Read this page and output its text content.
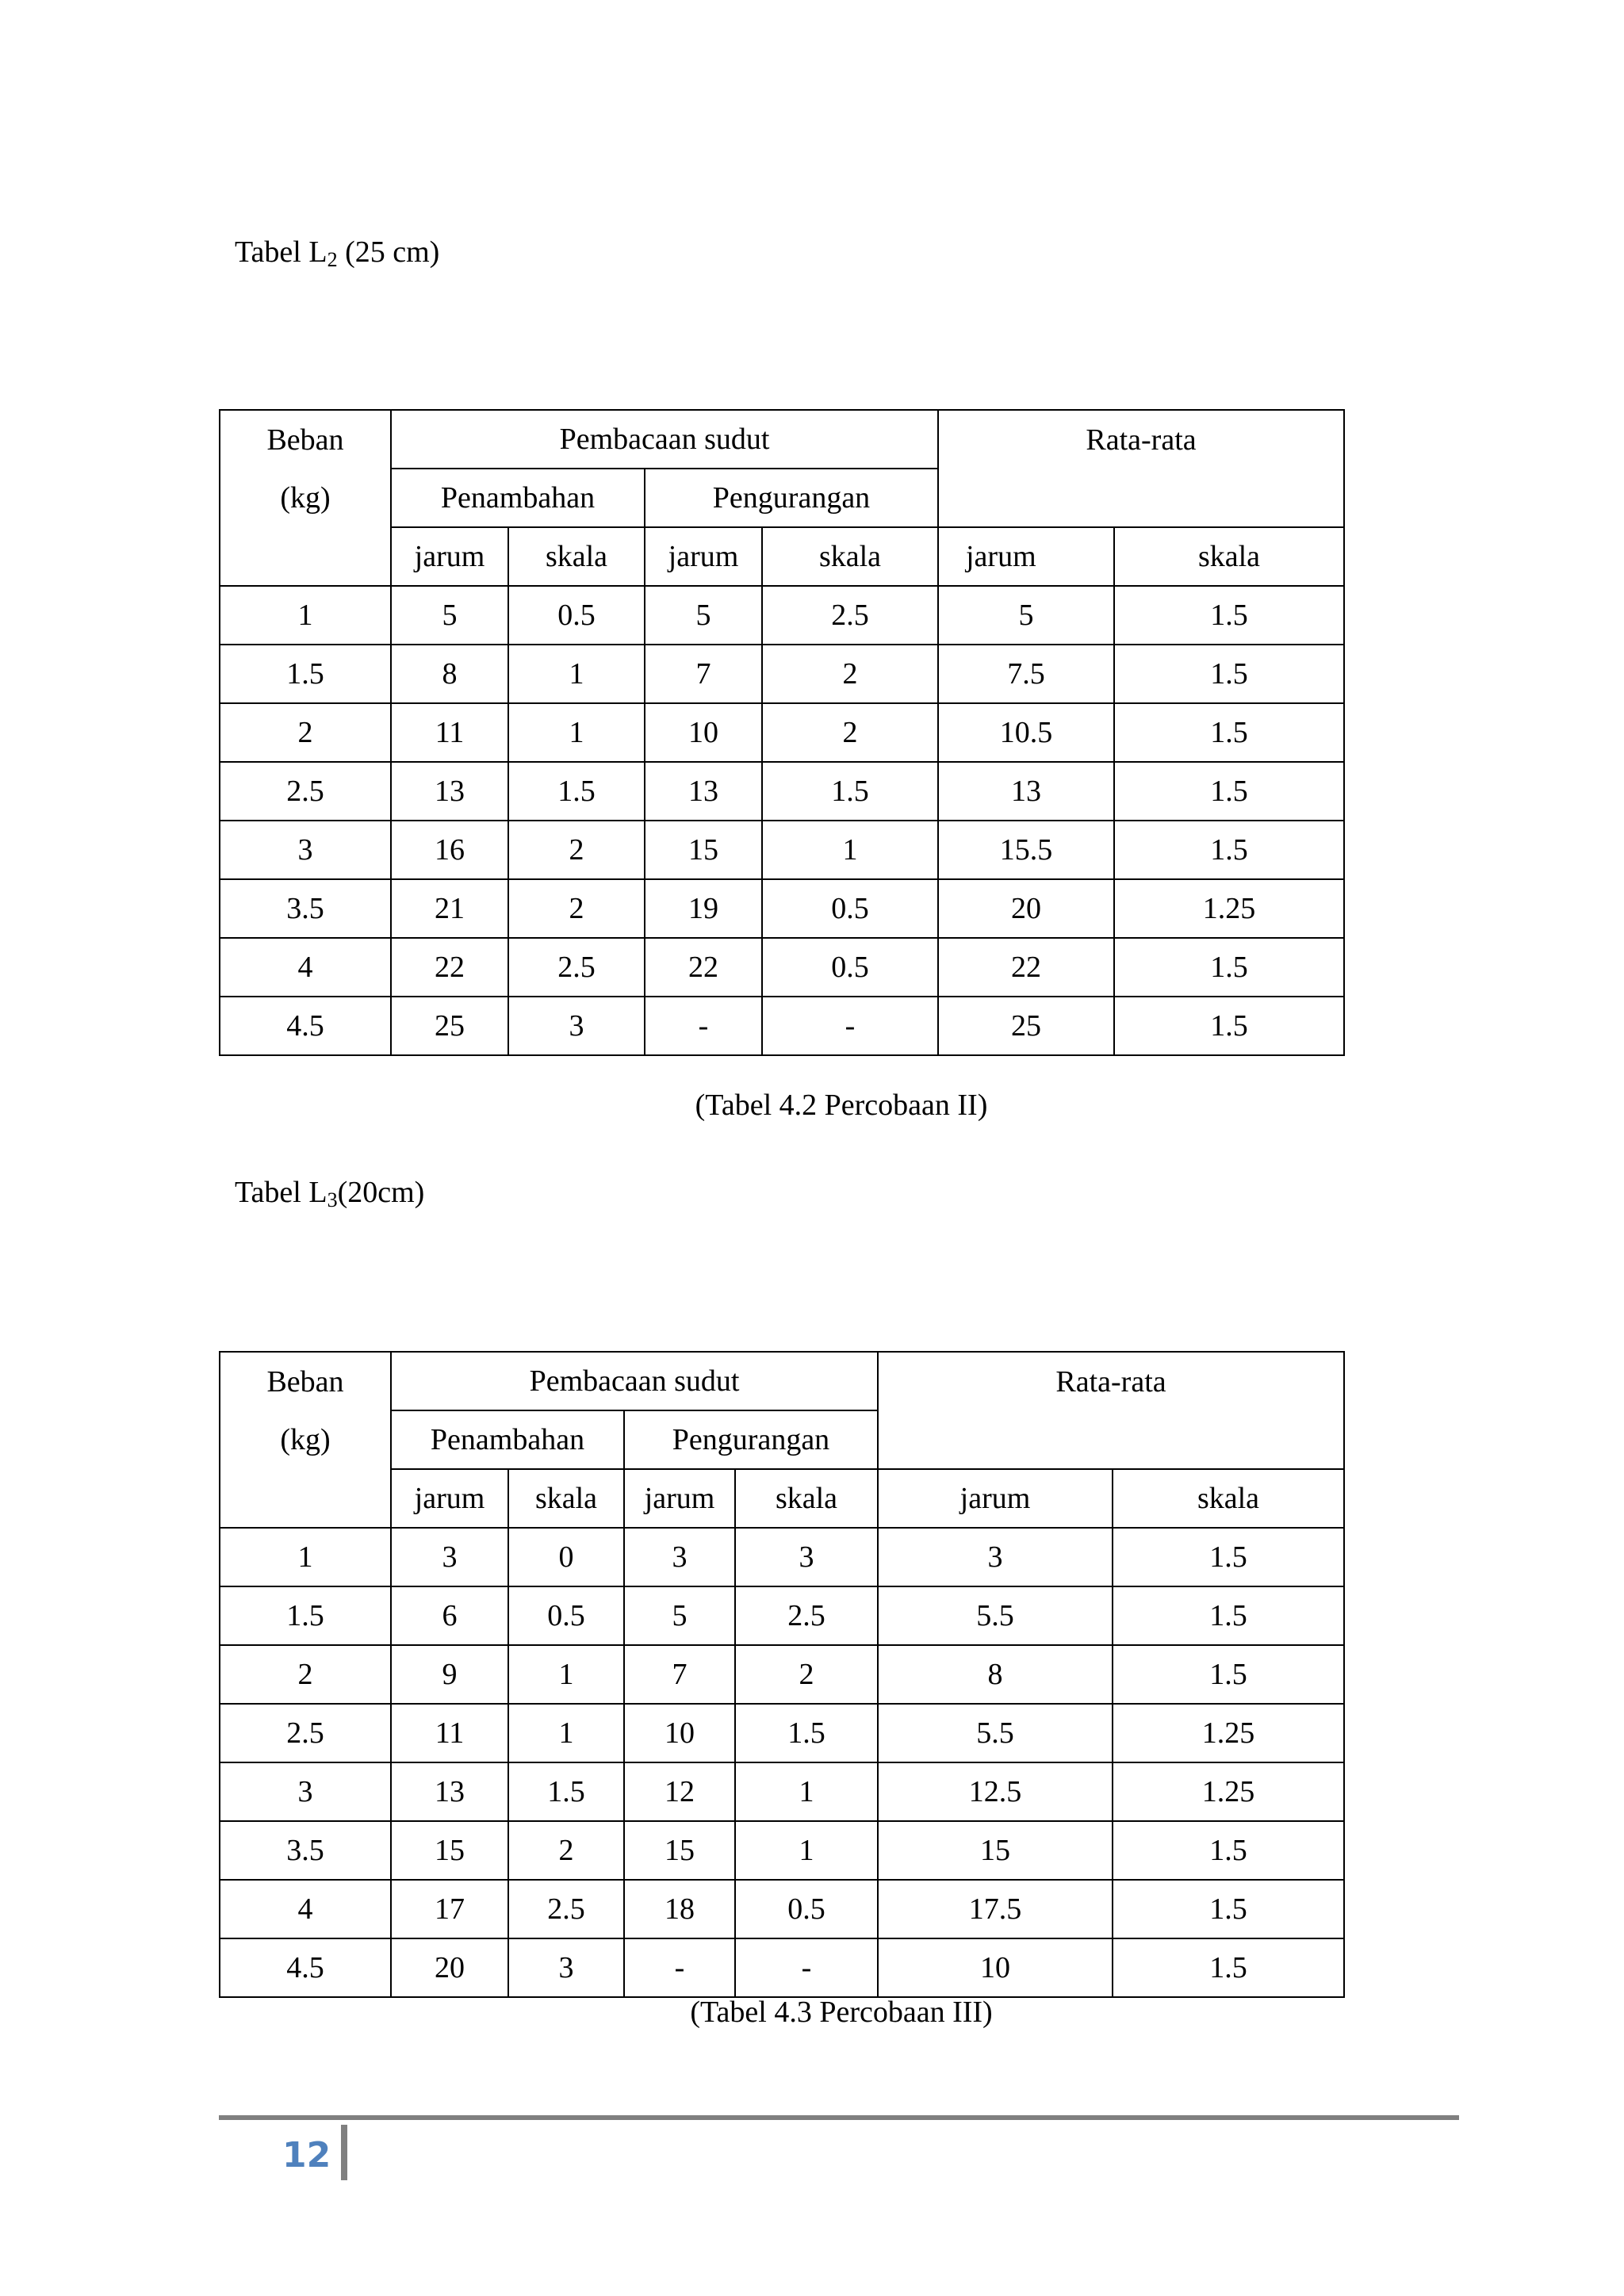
Tabel $L_2$ (25 cm)
Beban	Pembacaan sudut				Rata-rata	
(kg)	Penambahan		Pengurangan			
	jarum	skala	jarum	skala	jarum	skala
1	5	0.5	5	2.5	5	1.5
1.5	8	1	7	2	7.5	1.5
2	11	1	10	2	10.5	1.5
2.5	13	1.5	13	1.5	13	1.5
3	16	2	15	1	15.5	1.5
3.5	21	2	19	0.5	20	1.25
4	22	2.5	22	0.5	22	1.5
4.5	25	3	-	-	25	1.5

(Tabel 4.2 Percobaan II)

Tabel $L_3(20cm)$
Beban	Pembacaan sudut				Rata-rata	
(kg)	Penambahan		Pengurangan			
	jarum	skala	jarum	skala	jarum	skala
1	3	0	3	3	3	1.5
1.5	6	0.5	5	2.5	5.5	1.5
2	9	1	7	2	8	1.5
2.5	11	1	10	1.5	5.5	1.25
3	13	1.5	12	1	12.5	1.25
3.5	15	2	15	1	15	1.5
4	17	2.5	18	0.5	17.5	1.5
4.5	20	3	-	-	10	1.5

(Tabel 4.3 Percobaan III)

12
